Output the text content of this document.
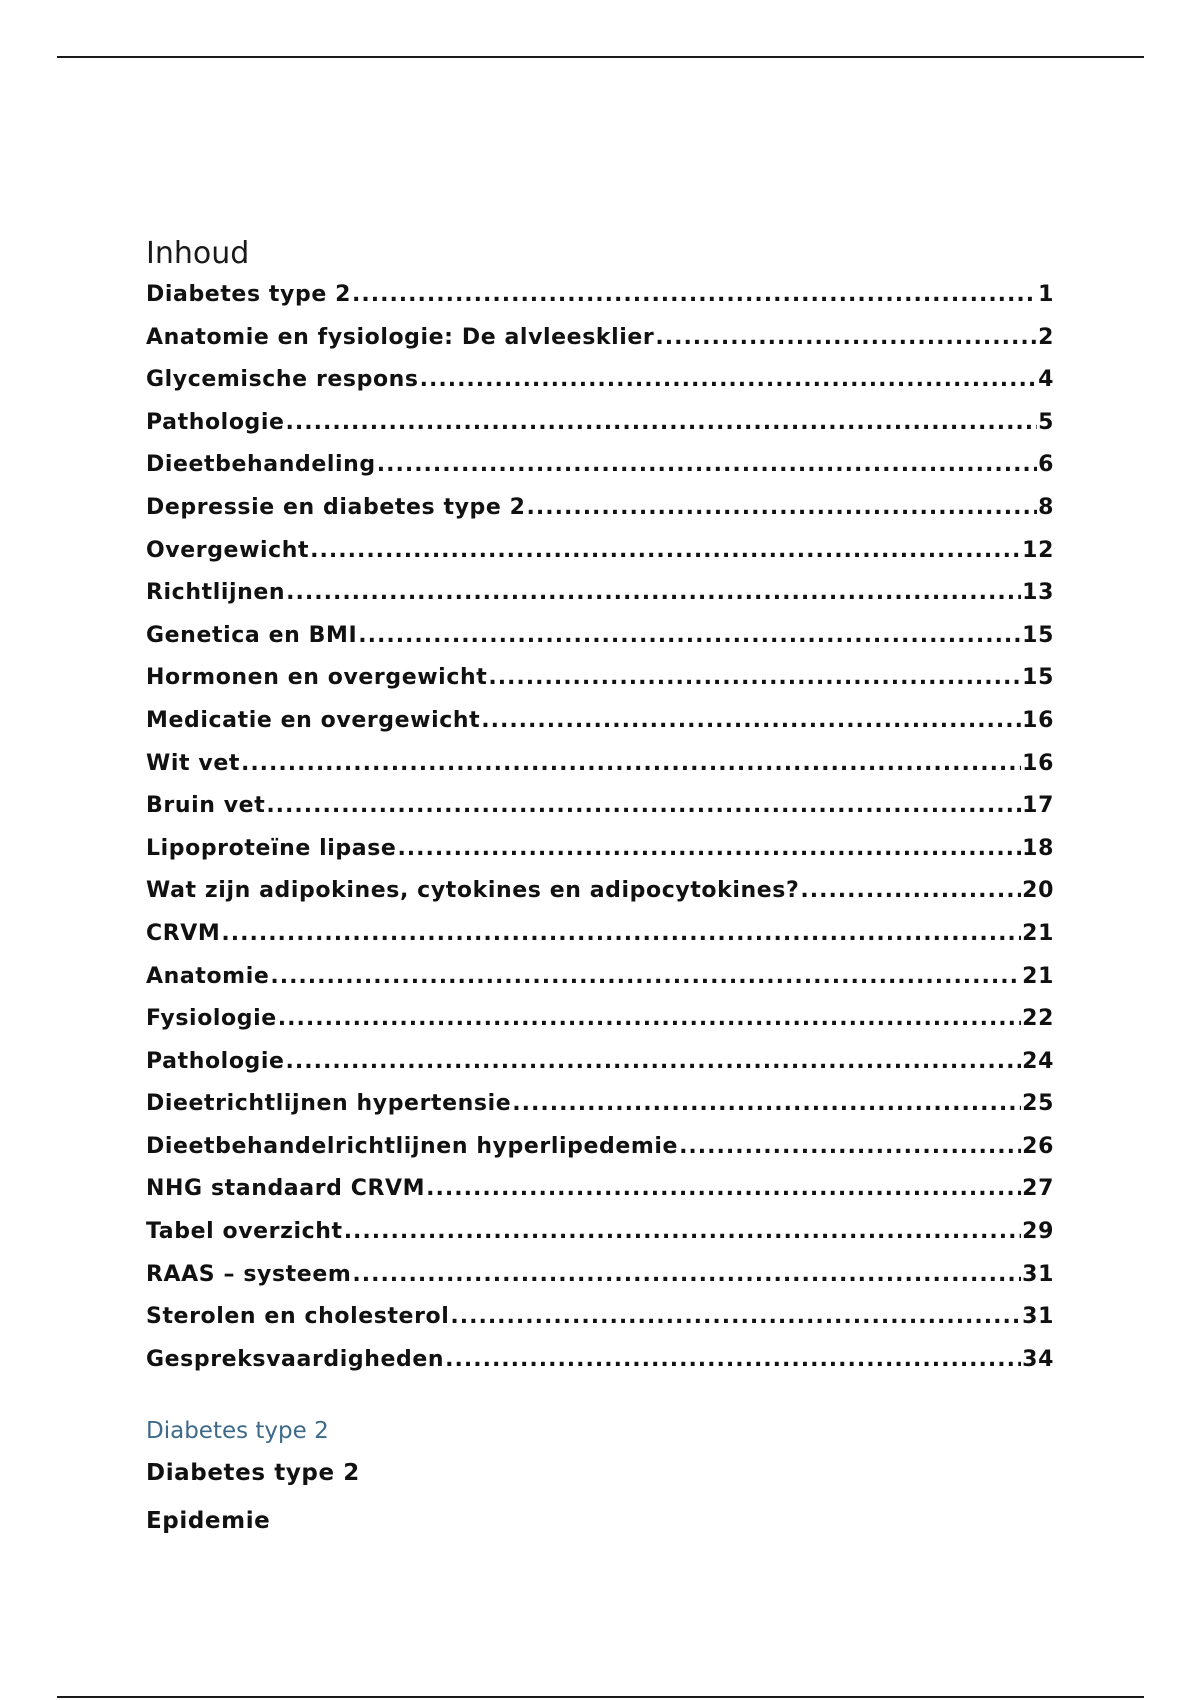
Inhoud
Diabetes type 2 .....	1
Anatomie en fysiologie: De alvleesklier .....	2
Glycemische respons .....	4
Pathologie .....	5
Dieetbehandeling .....	6
Depressie en diabetes type 2 .....	8
Overgewicht .....	12
Richtlijnen .....	13
Genetica en BMI .....	15
Hormonen en overgewicht .....	15
Medicatie en overgewicht .....	16
Wit vet .....	16
Bruin vet .....	17
Lipoproteïne lipase .....	18
Wat zijn adipokines, cytokines en adipocytokines? .....	20
CRVM .....	21
Anatomie .....	21
Fysiologie .....	22
Pathologie .....	24
Dieetrichtlijnen hypertensie .....	25
Dieetbehandelrichtlijnen hyperlipedemie .....	26
NHG standaard CRVM .....	27
Tabel overzicht .....	29
RAAS – systeem .....	31
Sterolen en cholesterol .....	31
Gespreksvaardigheden .....	34
Diabetes type 2
Diabetes type 2
Epidemie
